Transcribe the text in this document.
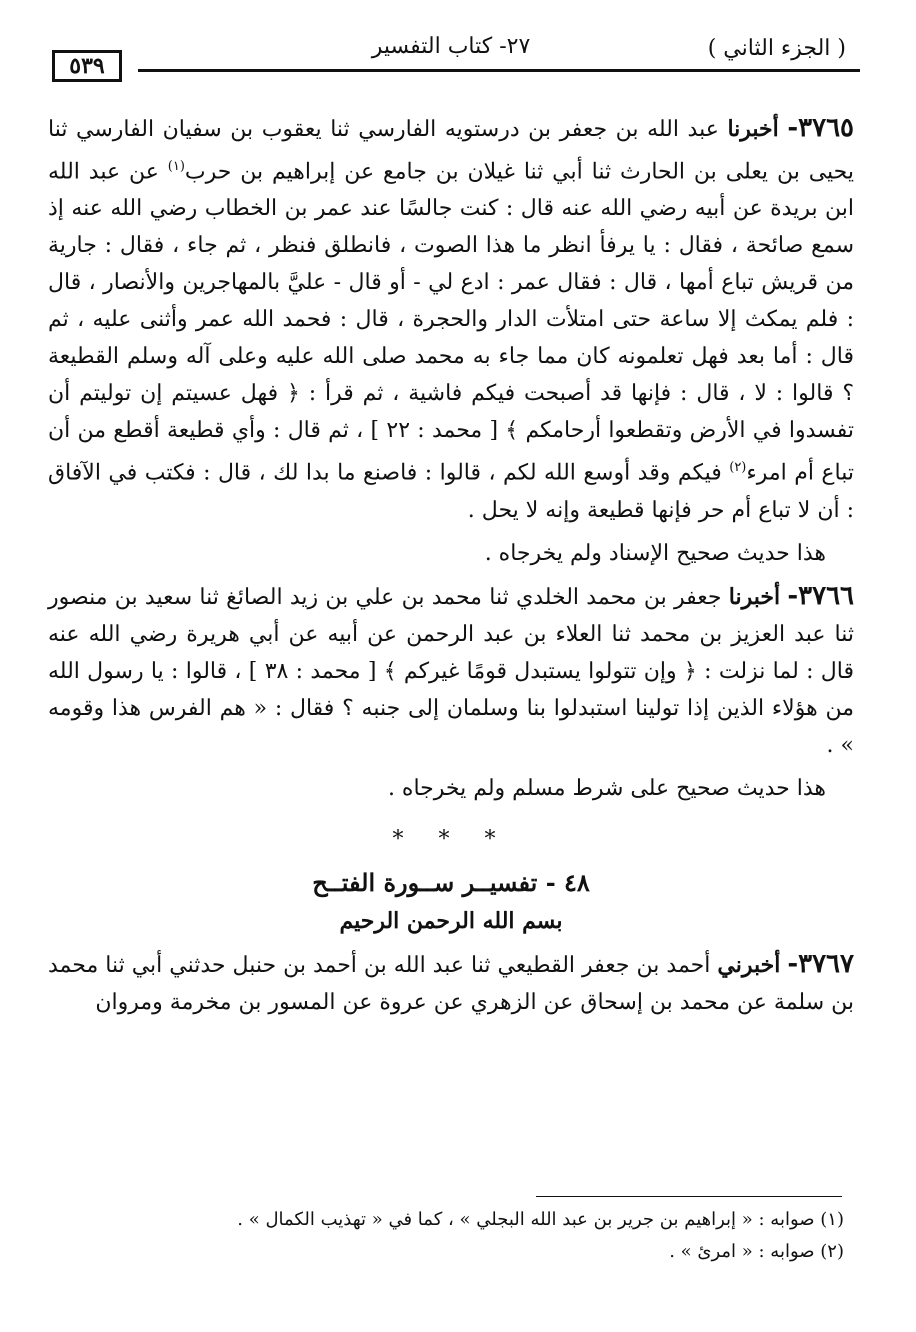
( الجزء الثاني )
٢٧- كتاب التفسير
٥٣٩

٣٧٦٥- أخبرنا عبد الله بن جعفر بن درستويه الفارسي ثنا يعقوب بن سفيان الفارسي ثنا يحيى بن يعلى بن الحارث ثنا أبي ثنا غيلان بن جامع عن إبراهيم بن حرب$^{(١)}$ عن عبد الله ابن بريدة عن أبيه رضي الله عنه قال : كنت جالسًا عند عمر بن الخطاب رضي الله عنه إذ سمع صائحة ، فقال : يا يرفأ انظر ما هذا الصوت ، فانطلق فنظر ، ثم جاء ، فقال : جارية من قريش تباع أمها ، قال : فقال عمر : ادع لي - أو قال - عليَّ بالمهاجرين والأنصار ، قال : فلم يمكث إلا ساعة حتى امتلأت الدار والحجرة ، قال : فحمد الله عمر وأثنى عليه ، ثم قال : أما بعد فهل تعلمونه كان مما جاء به محمد صلى الله عليه وعلى آله وسلم القطيعة ؟ قالوا : لا ، قال : فإنها قد أصبحت فيكم فاشية ، ثم قرأ : ﴿ فهل عسيتم إن توليتم أن تفسدوا في الأرض وتقطعوا أرحامكم ﴾ [ محمد : ٢٢ ] ، ثم قال : وأي قطيعة أقطع من أن تباع أم امرء$^{(٢)}$ فيكم وقد أوسع الله لكم ، قالوا : فاصنع ما بدا لك ، قال : فكتب في الآفاق : أن لا تباع أم حر فإنها قطيعة وإنه لا يحل .

هذا حديث صحيح الإسناد ولم يخرجاه .

٣٧٦٦- أخبرنا جعفر بن محمد الخلدي ثنا محمد بن علي بن زيد الصائغ ثنا سعيد بن منصور ثنا عبد العزيز بن محمد ثنا العلاء بن عبد الرحمن عن أبيه عن أبي هريرة رضي الله عنه قال : لما نزلت : ﴿ وإن تتولوا يستبدل قومًا غيركم ﴾ [ محمد : ٣٨ ] ، قالوا : يا رسول الله من هؤلاء الذين إذا تولينا استبدلوا بنا وسلمان إلى جنبه ؟ فقال : « هم الفرس هذا وقومه » .

هذا حديث صحيح على شرط مسلم ولم يخرجاه .

* * *

٤٨ - تفسيــر ســورة الفتــح

بسم الله الرحمن الرحيم

٣٧٦٧- أخبرني أحمد بن جعفر القطيعي ثنا عبد الله بن أحمد بن حنبل حدثني أبي ثنا محمد بن سلمة عن محمد بن إسحاق عن الزهري عن عروة عن المسور بن مخرمة ومروان

(١) صوابه : « إبراهيم بن جرير بن عبد الله البجلي » ، كما في « تهذيب الكمال » .
(٢) صوابه : « امرئ » .
